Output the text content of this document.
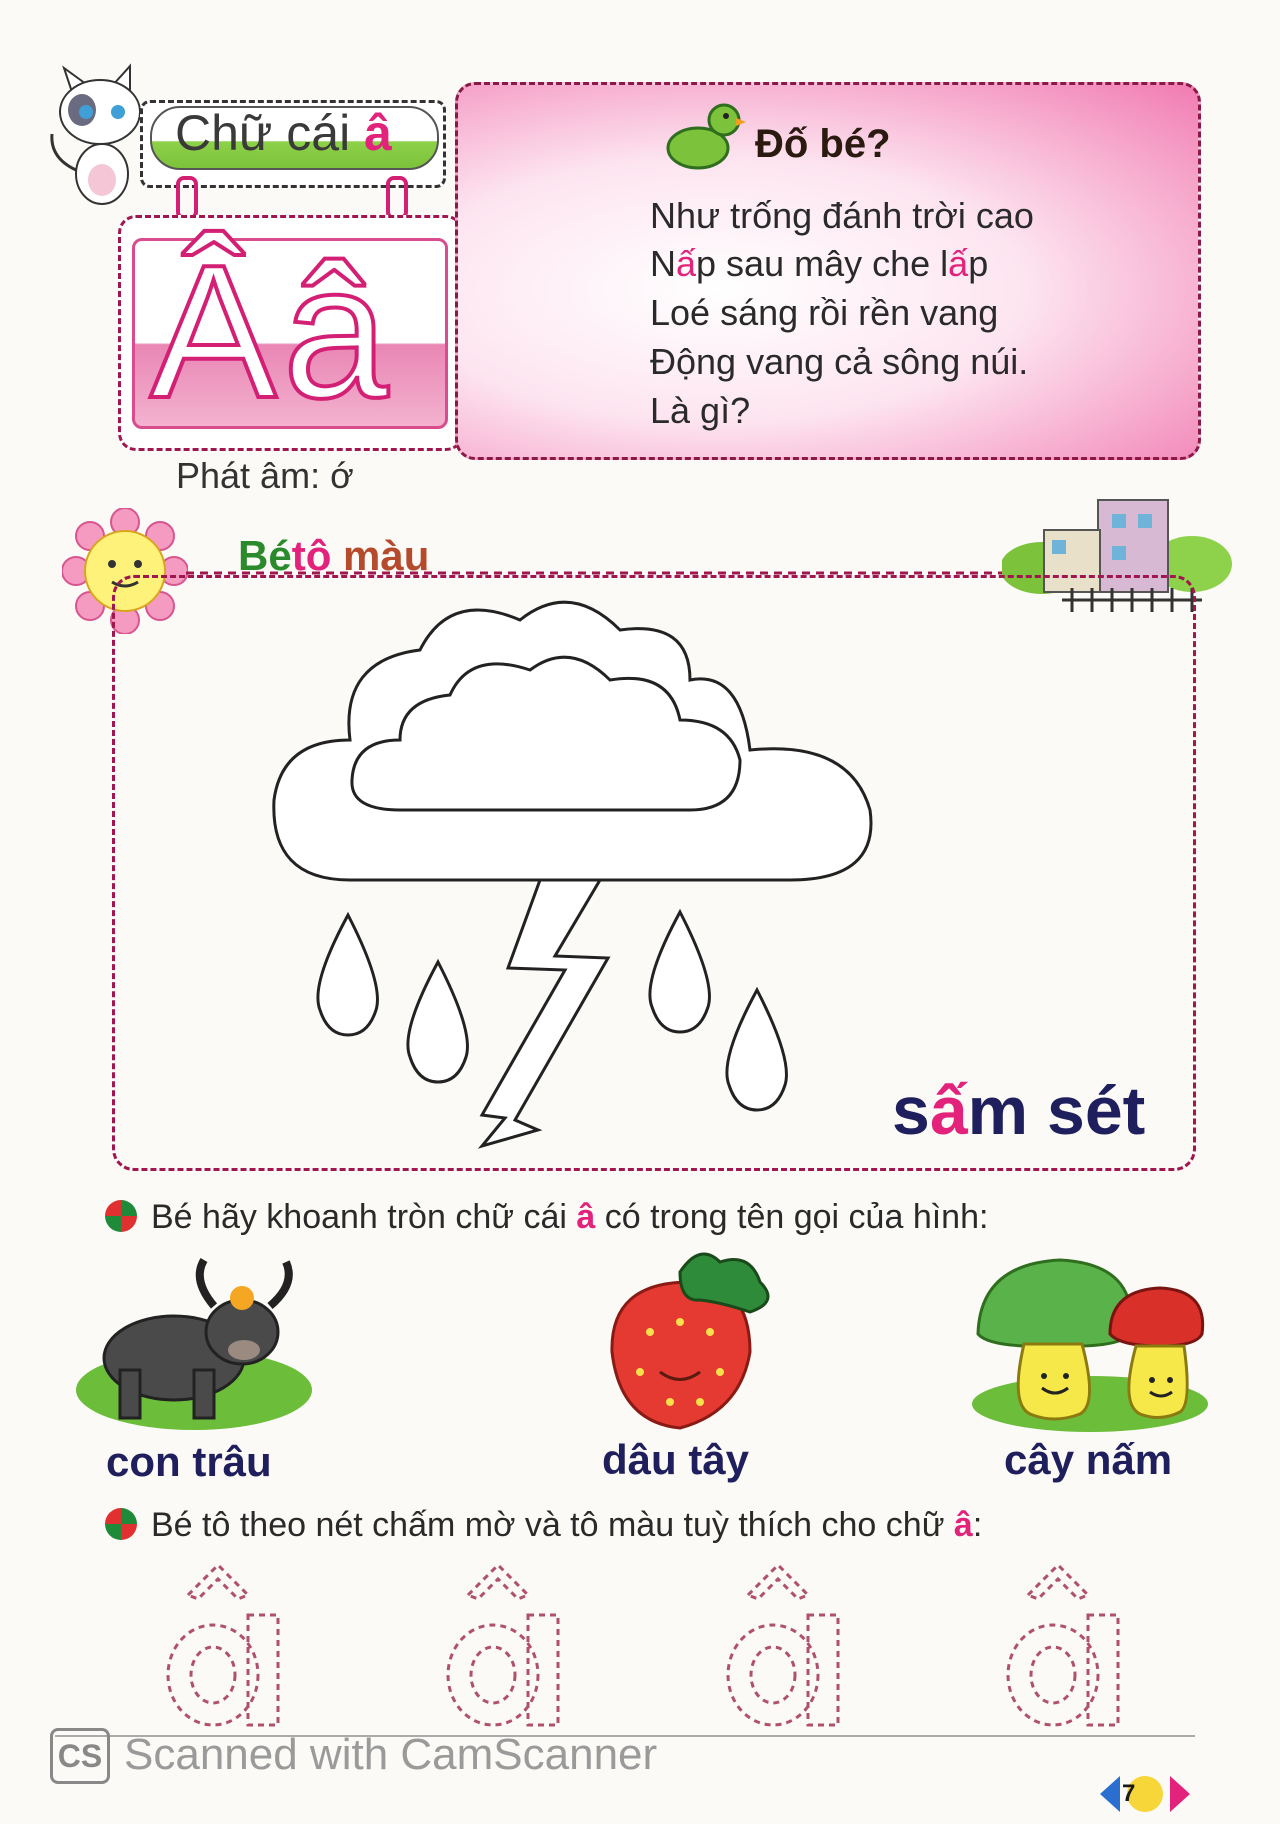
Chữ cái â
Ââ
Phát âm: ớ
Đố bé?
Như trống đánh trời cao
Nấp sau mây che lấp
Loé sáng rồi rền vang
Động vang cả sông núi.
Là gì?
Bétô màu
sấm sét
Bé hãy khoanh tròn chữ cái â có trong tên gọi của hình:
con trâu	dâu tây	cây nấm
Bé tô theo nét chấm mờ và tô màu tuỳ thích cho chữ â:
CS Scanned with CamScanner
7
